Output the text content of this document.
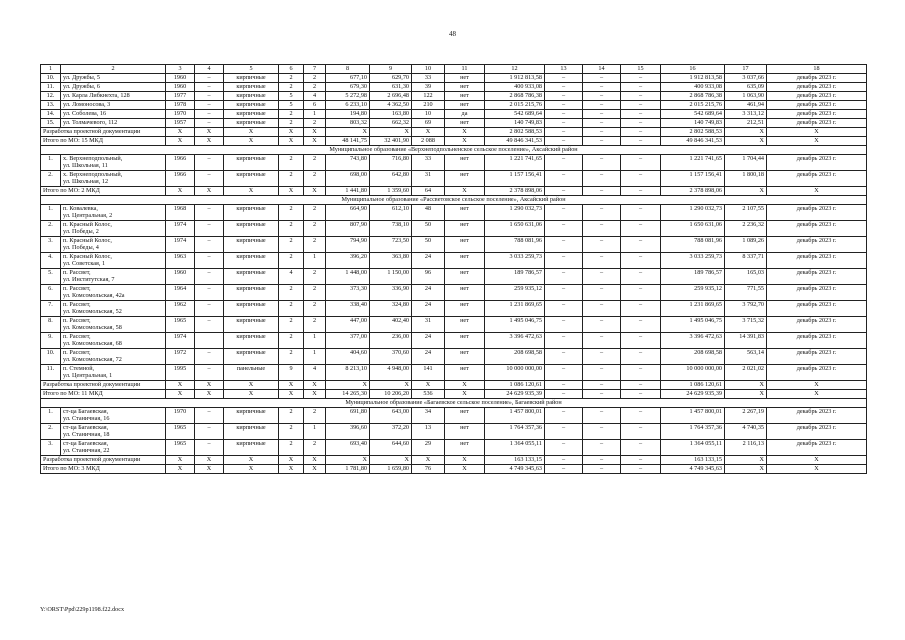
48
1	2	3	4	5	6	7	8	9	10	11	12	13	14	15	16	17	18
10.	ул. Дружбы, 5	1960	–	кирпичные	2	2	677,10	629,70	33	нет	1 912 813,58	–	–	–	1 912 813,58	3 037,66	декабрь 2023 г.
11.	ул. Дружбы, 6	1960	–	кирпичные	2	2	679,30	631,30	39	нет	400 933,08	–	–	–	400 933,08	635,09	декабрь 2023 г.
12.	ул. Карла Либкнехта, 128	1977	–	кирпичные	5	4	5 272,98	2 696,48	122	нет	2 868 786,38	–	–	–	2 868 786,38	1 063,90	декабрь 2023 г.
13.	ул. Ломоносова, 3	1978	–	кирпичные	5	6	6 233,10	4 362,50	210	нет	2 015 215,76	–	–	–	2 015 215,76	461,94	декабрь 2023 г.
14.	ул. Соболева, 16	1970	–	кирпичные	2	1	194,80	163,80	10	да	542 689,64	–	–	–	542 689,64	3 313,12	декабрь 2023 г.
15.	ул. Толмачевого, 112	1957	–	кирпичные	2	2	803,32	662,32	69	нет	140 749,83	–	–	–	140 749,83	212,51	декабрь 2023 г.
Разработка проектной документации		X	X	X	X	X	X	X	X	X	2 802 588,53	–	–	–	2 802 588,53	X	X
Итого по МО: 15 МКД		X	X	X	X	X	48 141,75	32 401,90	2 088	X	49 846 341,53	–	–	–	49 846 341,53	X	X
Муниципальное образование «Верхнеподпольненское сельское поселение», Аксайский район																	
1.	х. Верхнеподпольный,
ул. Школьная, 11	1966	–	кирпичные	2	2	743,80	716,80	33	нет	1 221 741,65	–	–	–	1 221 741,65	1 704,44	декабрь 2023 г.
2.	х. Верхнеподпольный,
ул. Школьная, 12	1966	–	кирпичные	2	2	698,00	642,80	31	нет	1 157 156,41	–	–	–	1 157 156,41	1 800,18	декабрь 2023 г.
Итого по МО: 2 МКД		X	X	X	X	X	1 441,80	1 359,60	64	X	2 378 898,06	–	–	–	2 378 898,06	X	X
Муниципальное образование «Рассветовское сельское поселение», Аксайский район																	
1.	п. Ковалевка,
ул. Центральная, 2	1968	–	кирпичные	2	2	664,90	612,10	48	нет	1 290 032,73	–	–	–	1 290 032,73	2 107,55	декабрь 2023 г.
2.	п. Красный Колос,
ул. Победы, 2	1974	–	кирпичные	2	2	807,90	738,10	50	нет	1 650 631,06	–	–	–	1 650 631,06	2 236,32	декабрь 2023 г.
3.	п. Красный Колос,
ул. Победы, 4	1974	–	кирпичные	2	2	794,90	723,50	50	нет	788 081,96	–	–	–	788 081,96	1 089,26	декабрь 2023 г.
4.	п. Красный Колос,
ул. Советская, 1	1963	–	кирпичные	2	1	396,20	363,80	24	нет	3 033 259,73	–	–	–	3 033 259,73	8 337,71	декабрь 2023 г.
5.	п. Рассвет,
ул. Институтская, 7	1960	–	кирпичные	4	2	1 448,00	1 150,00	96	нет	189 786,57	–	–	–	189 786,57	165,03	декабрь 2023 г.
6.	п. Рассвет,
ул. Комсомольская, 42а	1964	–	кирпичные	2	2	373,30	336,90	24	нет	259 935,12	–	–	–	259 935,12	771,55	декабрь 2023 г.
7.	п. Рассвет,
ул. Комсомольская, 52	1962	–	кирпичные	2	2	338,40	324,80	24	нет	1 231 869,65	–	–	–	1 231 869,65	3 792,70	декабрь 2023 г.
8.	п. Рассвет,
ул. Комсомольская, 58	1965	–	кирпичные	2	2	447,00	402,40	31	нет	1 495 046,75	–	–	–	1 495 046,75	3 715,32	декабрь 2023 г.
9.	п. Рассвет,
ул. Комсомольская, 68	1974		кирпичные	2	1	377,00	236,00	24	нет	3 396 472,63	–	–	–	3 396 472,63	14 391,83	декабрь 2023 г.
10.	п. Рассвет,
ул. Комсомольская, 72	1972	–	кирпичные	2	1	404,60	370,60	24	нет	208 698,58	–	–	–	208 698,58	563,14	декабрь 2023 г.
11.	п. Стемной,
ул. Центральная, 1	1995	–	панельные	9	4	8 213,10	4 948,00	141	нет	10 000 000,00	–	–	–	10 000 000,00	2 021,02	декабрь 2023 г.
Разработка проектной документации		X	X	X	X	X	X	X	X	X	1 086 120,61	–	–	–	1 086 120,61	X	X
Итого по МО: 11 МКД		X	X	X	X	X	14 265,30	10 206,20	536	X	24 629 935,39	–	–	–	24 629 935,39	X	X
Муниципальное образование «Багаевское сельское поселение», Багаевский район																	
1.	ст-ца Багаевская,
ул. Станичная, 16	1970	–	кирпичные	2	2	691,80	643,00	34	нет	1 457 800,01	–	–	–	1 457 800,01	2 267,19	декабрь 2023 г.
2.	ст-ца Багаевская,
ул. Станичная, 18	1965	–	кирпичные	2	1	396,60	372,20	13	нет	1 764 357,36	–	–	–	1 764 357,36	4 740,35	декабрь 2023 г.
3.	ст-ца Багаевская,
ул. Станичная, 22	1965	–	кирпичные	2	2	693,40	644,60	29	нет	1 364 055,11	–	–	–	1 364 055,11	2 116,13	декабрь 2023 г.
Разработка проектной документации		X	X	X	X	X	X	X	X	X	163 133,15	–	–	–	163 133,15	X	X
Итого по МО: 3 МКД		X	X	X	X	X	1 781,80	1 659,80	76	X	4 749 345,63	–	–	–	4 749 345,63	X	X
Y:\ORST\Ppd\229p1198.f22.docx
